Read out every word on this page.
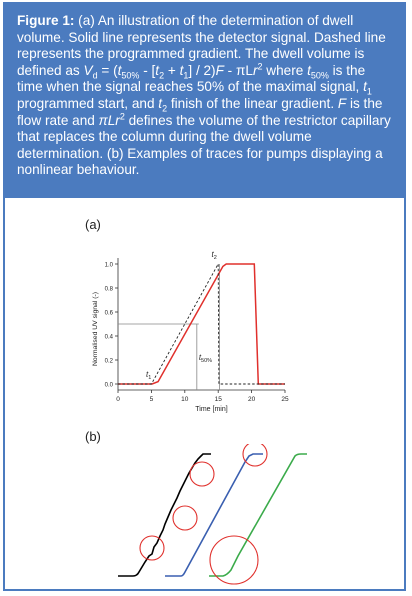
Figure 1: (a) An illustration of the determination of dwell volume. Solid line represents the detector signal. Dashed line represents the programmed gradient. The dwell volume is defined as $V_d = (t_{50\%} - [t_2 + t_1] / 2)F - \pi Lr^2$ where $t_{50\%}$ is the time when the signal reaches 50% of the maximal signal, $t_1$ programmed start, and $t_2$ finish of the linear gradient. F is the flow rate and πLr$^2$ defines the volume of the restrictor capillary that replaces the column during the dwell volume determination. (b) Examples of traces for pumps displaying a nonlinear behaviour.
(a)
(b)
0.0
0.2
0.4
0.6
0.8
1.0
0	5	10	15	20	25
Time [min]
Normalised UV signal (-)
$t_1$
$t_2$
$t_{50\%}$
